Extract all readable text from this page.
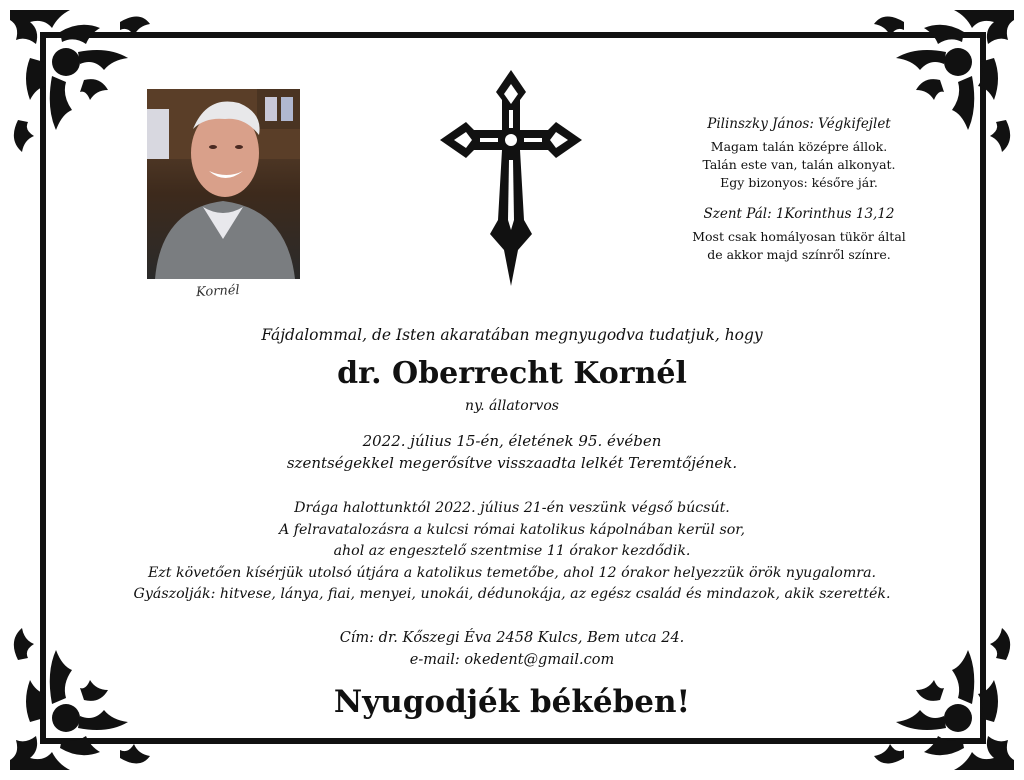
Kornél
Pilinszky János: Végkifejlet
Magam talán középre állok.
Talán este van, talán alkonyat.
Egy bizonyos: későre jár.
Szent Pál: 1Korinthus 13,12
Most csak homályosan tükör által
de akkor majd színről színre.
Fájdalommal, de Isten akaratában megnyugodva tudatjuk, hogy
dr. Oberrecht Kornél
ny. állatorvos
2022. július 15-én, életének 95. évében
szentségekkel megerősítve visszaadta lelkét Teremtőjének.
Drága halottunktól 2022. július 21-én veszünk végső búcsút.
A felravatalozásra a kulcsi római katolikus kápolnában kerül sor,
ahol az engesztelő szentmise 11 órakor kezdődik.
Ezt követően kísérjük utolsó útjára a katolikus temetőbe, ahol 12 órakor helyezzük örök nyugalomra.
Gyászolják: hitvese, lánya, fiai, menyei, unokái, dédunokája, az egész család és mindazok, akik szerették.
Cím: dr. Kőszegi Éva 2458 Kulcs, Bem utca 24.
e-mail: okedent@gmail.com
Nyugodjék békében!
